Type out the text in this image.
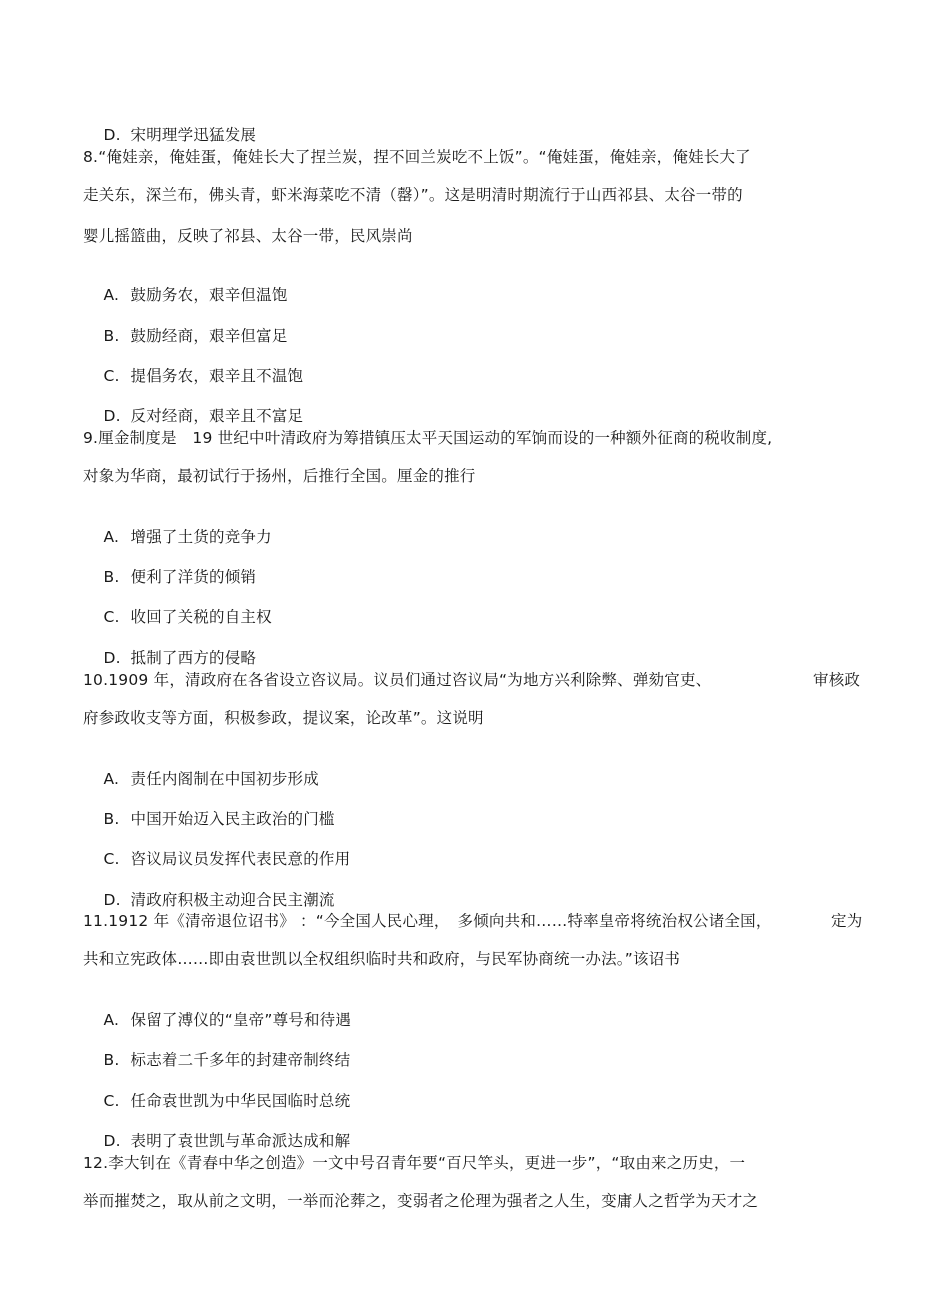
D. 宋明理学迅猛发展

8.“俺娃亲，俺娃蛋，俺娃长大了捏兰炭，捏不回兰炭吃不上饭”。“俺娃蛋，俺娃亲，俺娃长大了
走关东，深兰布，佛头青，虾米海菜吃不清（罄）”。这是明清时期流行于山西祁县、太谷一带的
婴儿摇篮曲，反映了祁县、太谷一带，民风崇尚

A. 鼓励务农，艰辛但温饱

B. 鼓励经商，艰辛但富足

C. 提倡务农，艰辛且不温饱

D. 反对经商，艰辛且不富足

9.厘金制度是　19 世纪中叶清政府为筹措镇压太平天国运动的军饷而设的一种额外征商的税收制度,
对象为华商，最初试行于扬州，后推行全国。厘金的推行

A. 增强了土货的竞争力

B. 便利了洋货的倾销

C. 收回了关税的自主权

D. 抵制了西方的侵略

10.1909 年，清政府在各省设立咨议局。议员们通过咨议局“为地方兴利除弊、弹劾官吏、	审核政
府参政收支等方面，积极参政，提议案，论改革”。这说明

A. 责任内阁制在中国初步形成

B. 中国开始迈入民主政治的门槛

C. 咨议局议员发挥代表民意的作用

D. 清政府积极主动迎合民主潮流

11.1912 年《清帝退位诏书》 ：“今全国人民心理，　多倾向共和……特率皇帝将统治权公诸全国，	定为
共和立宪政体……即由袁世凯以全权组织临时共和政府，与民军协商统一办法。”该诏书

A. 保留了溥仪的“皇帝”尊号和待遇

B. 标志着二千多年的封建帝制终结

C. 任命袁世凯为中华民国临时总统

D. 表明了袁世凯与革命派达成和解

12.李大钊在《青春中华之创造》一文中号召青年要“百尺竿头，更进一步”，“取由来之历史，一
举而摧焚之，取从前之文明，一举而沦葬之，变弱者之伦理为强者之人生，变庸人之哲学为天才之
